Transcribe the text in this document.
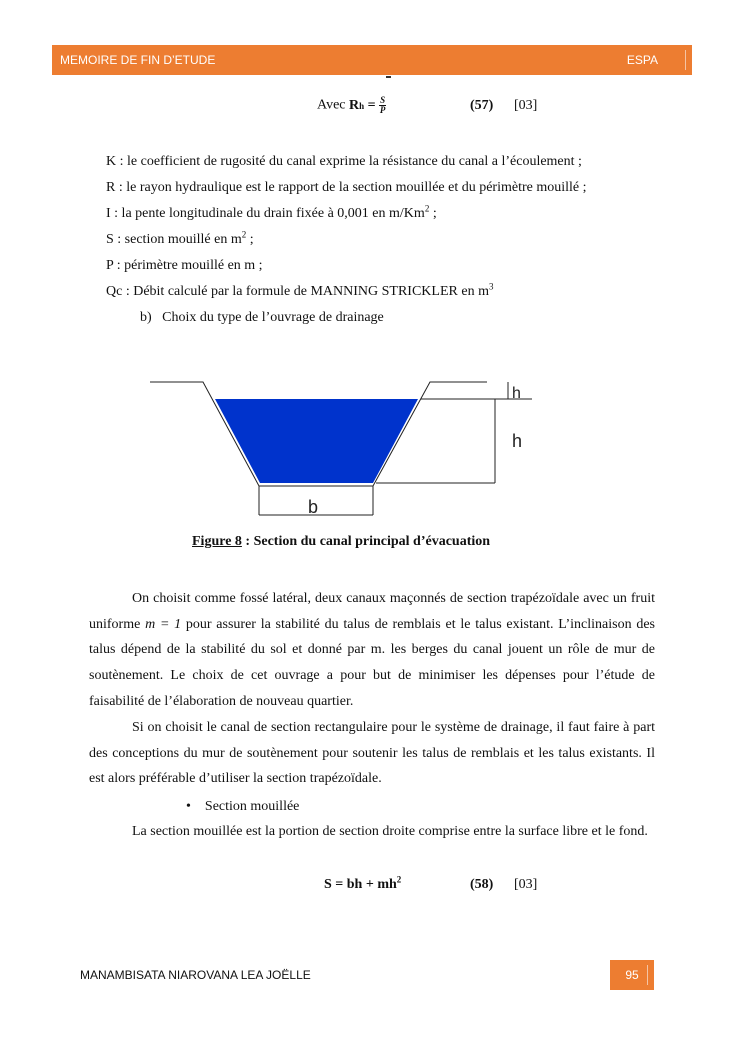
MEMOIRE DE FIN D’ETUDE	ESPA
Avec $Rh = \frac{S}{P}$	(57) [03]
K : le coefficient de rugosité du canal exprime la résistance du canal a l’écoulement ;
R : le rayon hydraulique est le rapport de la section mouillée et du périmètre mouillé ;
I : la pente longitudinale du drain fixée à 0,001 en m/Km$^2$ ;
S : section mouillé en $m^2$ ;
P : périmètre mouillé en m ;
Qc : Débit calculé par la formule de MANNING STRICKLER en $m^3$
b)   Choix du type de l’ouvrage de drainage
h
h
b
Figure 8 : Section du canal principal d’évacuation
On choisit comme fossé latéral, deux canaux maçonnés de section trapézoïdale avec un fruit uniforme m = 1 pour assurer la stabilité du talus de remblais et le talus existant. L’inclinaison des talus dépend de la stabilité du sol et donné par m. les berges du canal jouent un rôle de mur de soutènement. Le choix de cet ouvrage a pour but de minimiser les dépenses pour l’étude de faisabilité de l’élaboration de nouveau quartier.
Si on choisit le canal de section rectangulaire pour le système de drainage, il faut faire à part des conceptions du mur de soutènement pour soutenir les talus de remblais et les talus existants. Il est alors préférable d’utiliser la section trapézoïdale.
• Section mouillée
La section mouillée est la portion de section droite comprise entre la surface libre et le fond.
S = bh + $mh^2$	(58) [03]
MANAMBISATA NIAROVANA LEA JOËLLE	95
